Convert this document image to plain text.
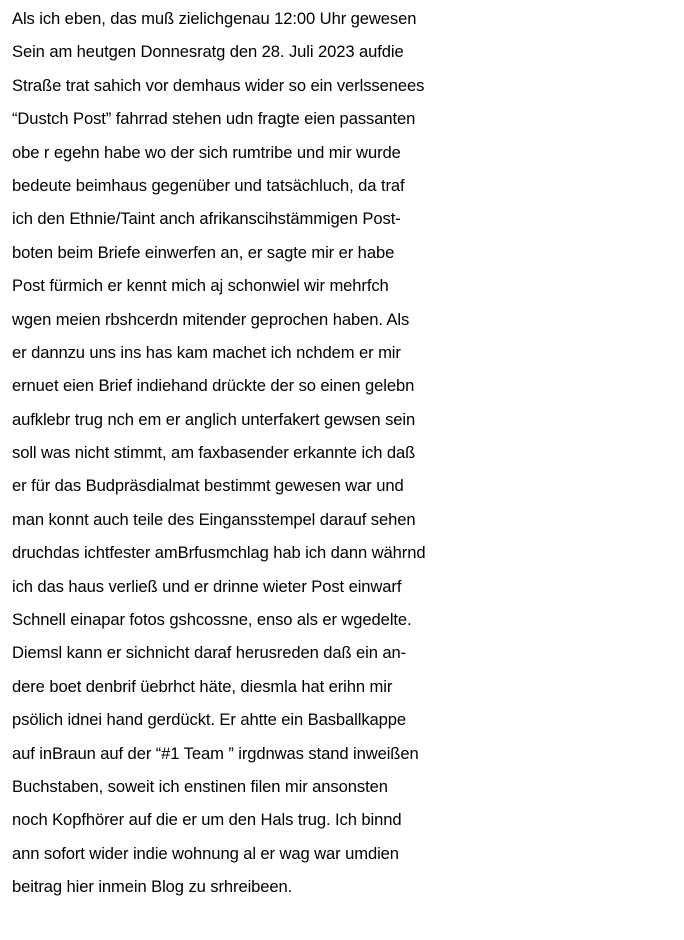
Als ich eben, das muß zielichgenau 12:00 Uhr gewesen
Sein am heutgen Donnesratg den 28. Juli 2023 aufdie
Straße trat sahich vor demhaus wider so ein verlssenees
“Dustch Post” fahrrad stehen udn fragte eien passanten
obe r egehn habe wo der sich rumtribe und mir wurde
bedeute beimhaus gegenüber und tatsächluch, da traf
ich den Ethnie/Taint anch afrikanscihstämmigen Post-
boten beim Briefe einwerfen an, er sagte mir er habe
Post fürmich er kennt mich aj schonwiel wir mehrfch
wgen meien rbshcerdn mitender geprochen haben. Als
er dannzu uns ins has kam machet ich nchdem er mir
ernuet eien Brief indiehand drückte der so einen gelebn
aufklebr trug nch em er anglich unterfakert gewsen sein
soll was nicht stimmt, am faxbasender erkannte ich daß
er für das Budpräsdialmat bestimmt gewesen war und
man konnt auch teile des Eingansstempel darauf sehen
druchdas ichtfester amBrfusmchlag hab ich dann währnd
ich das haus verließ und er drinne wieter Post einwarf
Schnell einapar fotos gshcossne, enso als er wgedelte.
Diemsl kann er sichnicht daraf herusreden daß ein an-
dere boet denbrif üebrhct häte, diesmla hat erihn mir
psölich idnei hand gerdückt. Er ahtte ein Basballkappe
auf inBraun auf der “#1 Team ” irgdnwas stand inweißen
Buchstaben, soweit ich enstinen filen mir ansonsten
noch Kopfhörer auf die er um den Hals trug. Ich binnd
ann sofort wider indie wohnung al er wag war umdien
beitrag hier inmein Blog zu srhreibeen.
